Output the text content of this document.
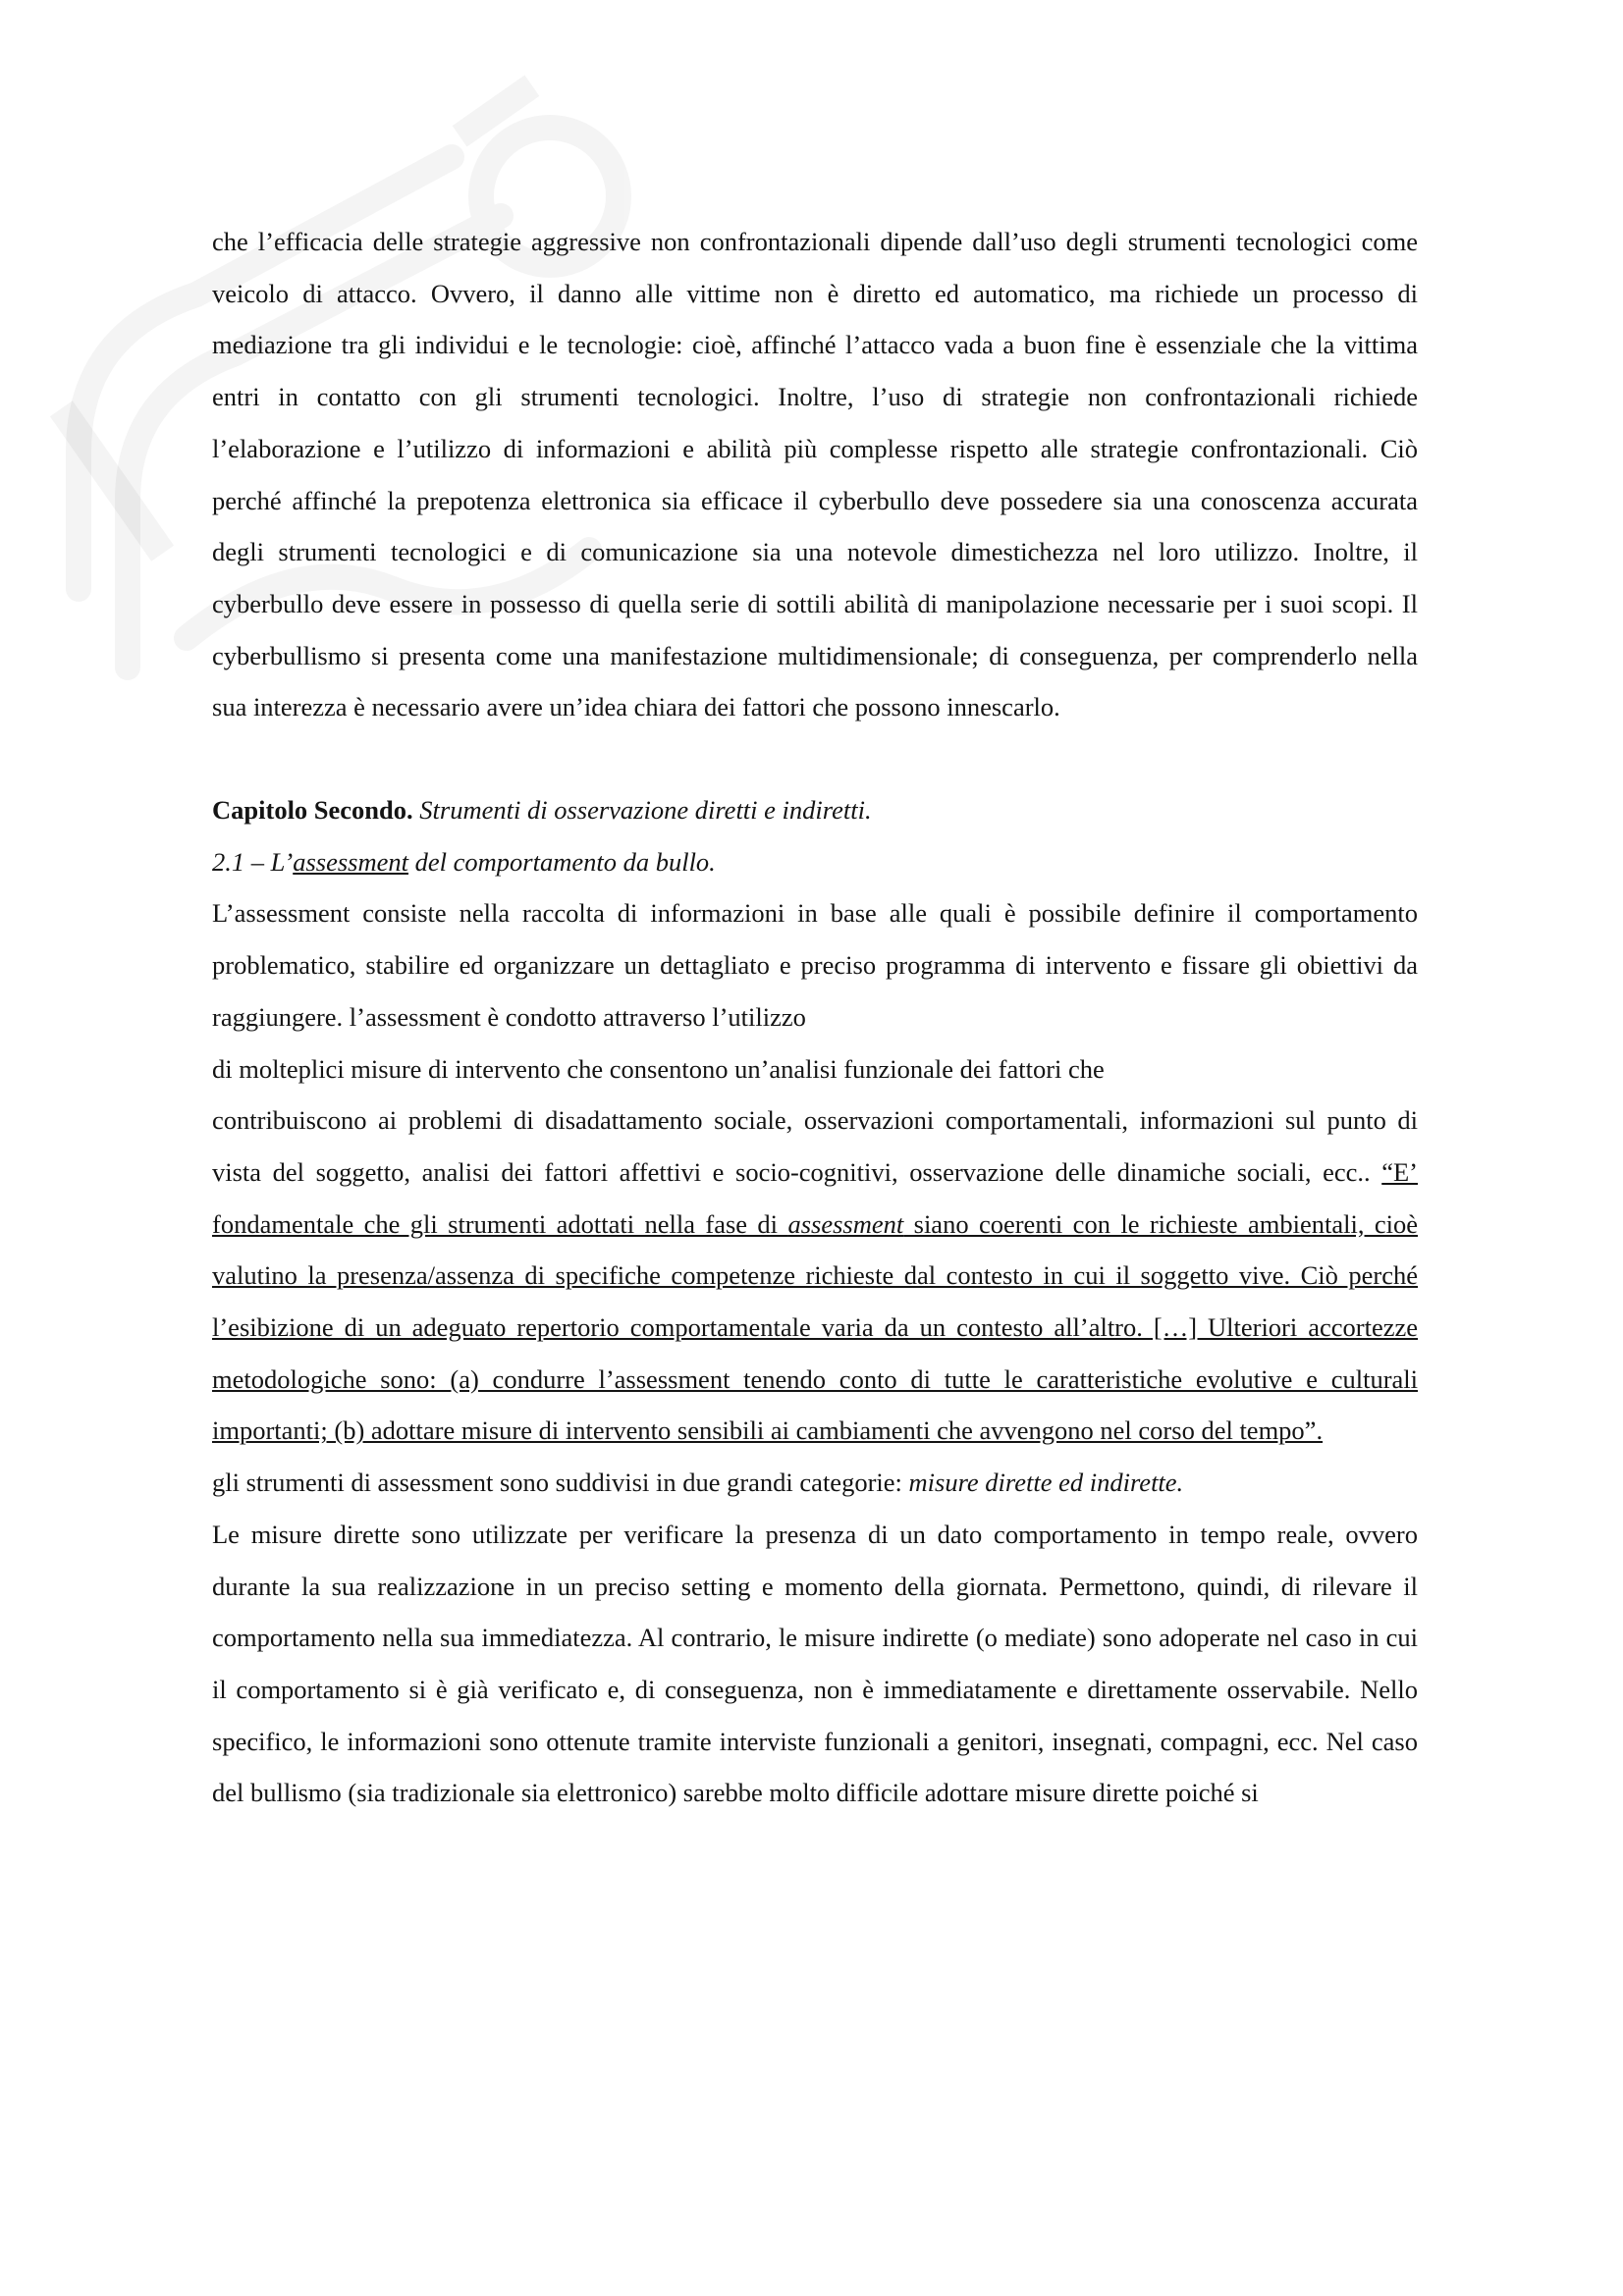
che l’efficacia delle strategie aggressive non confrontazionali dipende dall’uso degli strumenti tecnologici come veicolo di attacco. Ovvero, il danno alle vittime non è diretto ed automatico, ma richiede un processo di mediazione tra gli individui e le tecnologie: cioè, affinché l’attacco vada a buon fine è essenziale che la vittima entri in contatto con gli strumenti tecnologici. Inoltre, l’uso di strategie non confrontazionali richiede l’elaborazione e l’utilizzo di informazioni e abilità più complesse rispetto alle strategie confrontazionali. Ciò perché affinché la prepotenza elettronica sia efficace il cyberbullo deve possedere sia una conoscenza accurata degli strumenti tecnologici e di comunicazione sia una notevole dimestichezza nel loro utilizzo. Inoltre, il cyberbullo deve essere in possesso di quella serie di sottili abilità di manipolazione necessarie per i suoi scopi. Il cyberbullismo si presenta come una manifestazione multidimensionale; di conseguenza, per comprenderlo nella sua interezza è necessario avere un’idea chiara dei fattori che possono innescarlo.

Capitolo Secondo. Strumenti di osservazione diretti e indiretti.

2.1 – L’assessment del comportamento da bullo.

L’assessment consiste nella raccolta di informazioni in base alle quali è possibile definire il comportamento problematico, stabilire ed organizzare un dettagliato e preciso programma di intervento e fissare gli obiettivi da raggiungere. l’assessment è condotto attraverso l’utilizzo

di molteplici misure di intervento che consentono un’analisi funzionale dei fattori che

contribuiscono ai problemi di disadattamento sociale, osservazioni comportamentali, informazioni sul punto di vista del soggetto, analisi dei fattori affettivi e socio-cognitivi, osservazione delle dinamiche sociali, ecc.. “E’ fondamentale che gli strumenti adottati nella fase di assessment siano coerenti con le richieste ambientali, cioè valutino la presenza/assenza di specifiche competenze richieste dal contesto in cui il soggetto vive. Ciò perché l’esibizione di un adeguato repertorio comportamentale varia da un contesto all’altro. […] Ulteriori accortezze metodologiche sono: (a) condurre l’assessment tenendo conto di tutte le caratteristiche evolutive e culturali importanti; (b) adottare misure di intervento sensibili ai cambiamenti che avvengono nel corso del tempo”.

gli strumenti di assessment sono suddivisi in due grandi categorie: misure dirette ed indirette.

Le misure dirette sono utilizzate per verificare la presenza di un dato comportamento in tempo reale, ovvero durante la sua realizzazione in un preciso setting e momento della giornata. Permettono, quindi, di rilevare il comportamento nella sua immediatezza. Al contrario, le misure indirette (o mediate) sono adoperate nel caso in cui il comportamento si è già verificato e, di conseguenza, non è immediatamente e direttamente osservabile. Nello specifico, le informazioni sono ottenute tramite interviste funzionali a genitori, insegnati, compagni, ecc. Nel caso del bullismo (sia tradizionale sia elettronico) sarebbe molto difficile adottare misure dirette poiché si
